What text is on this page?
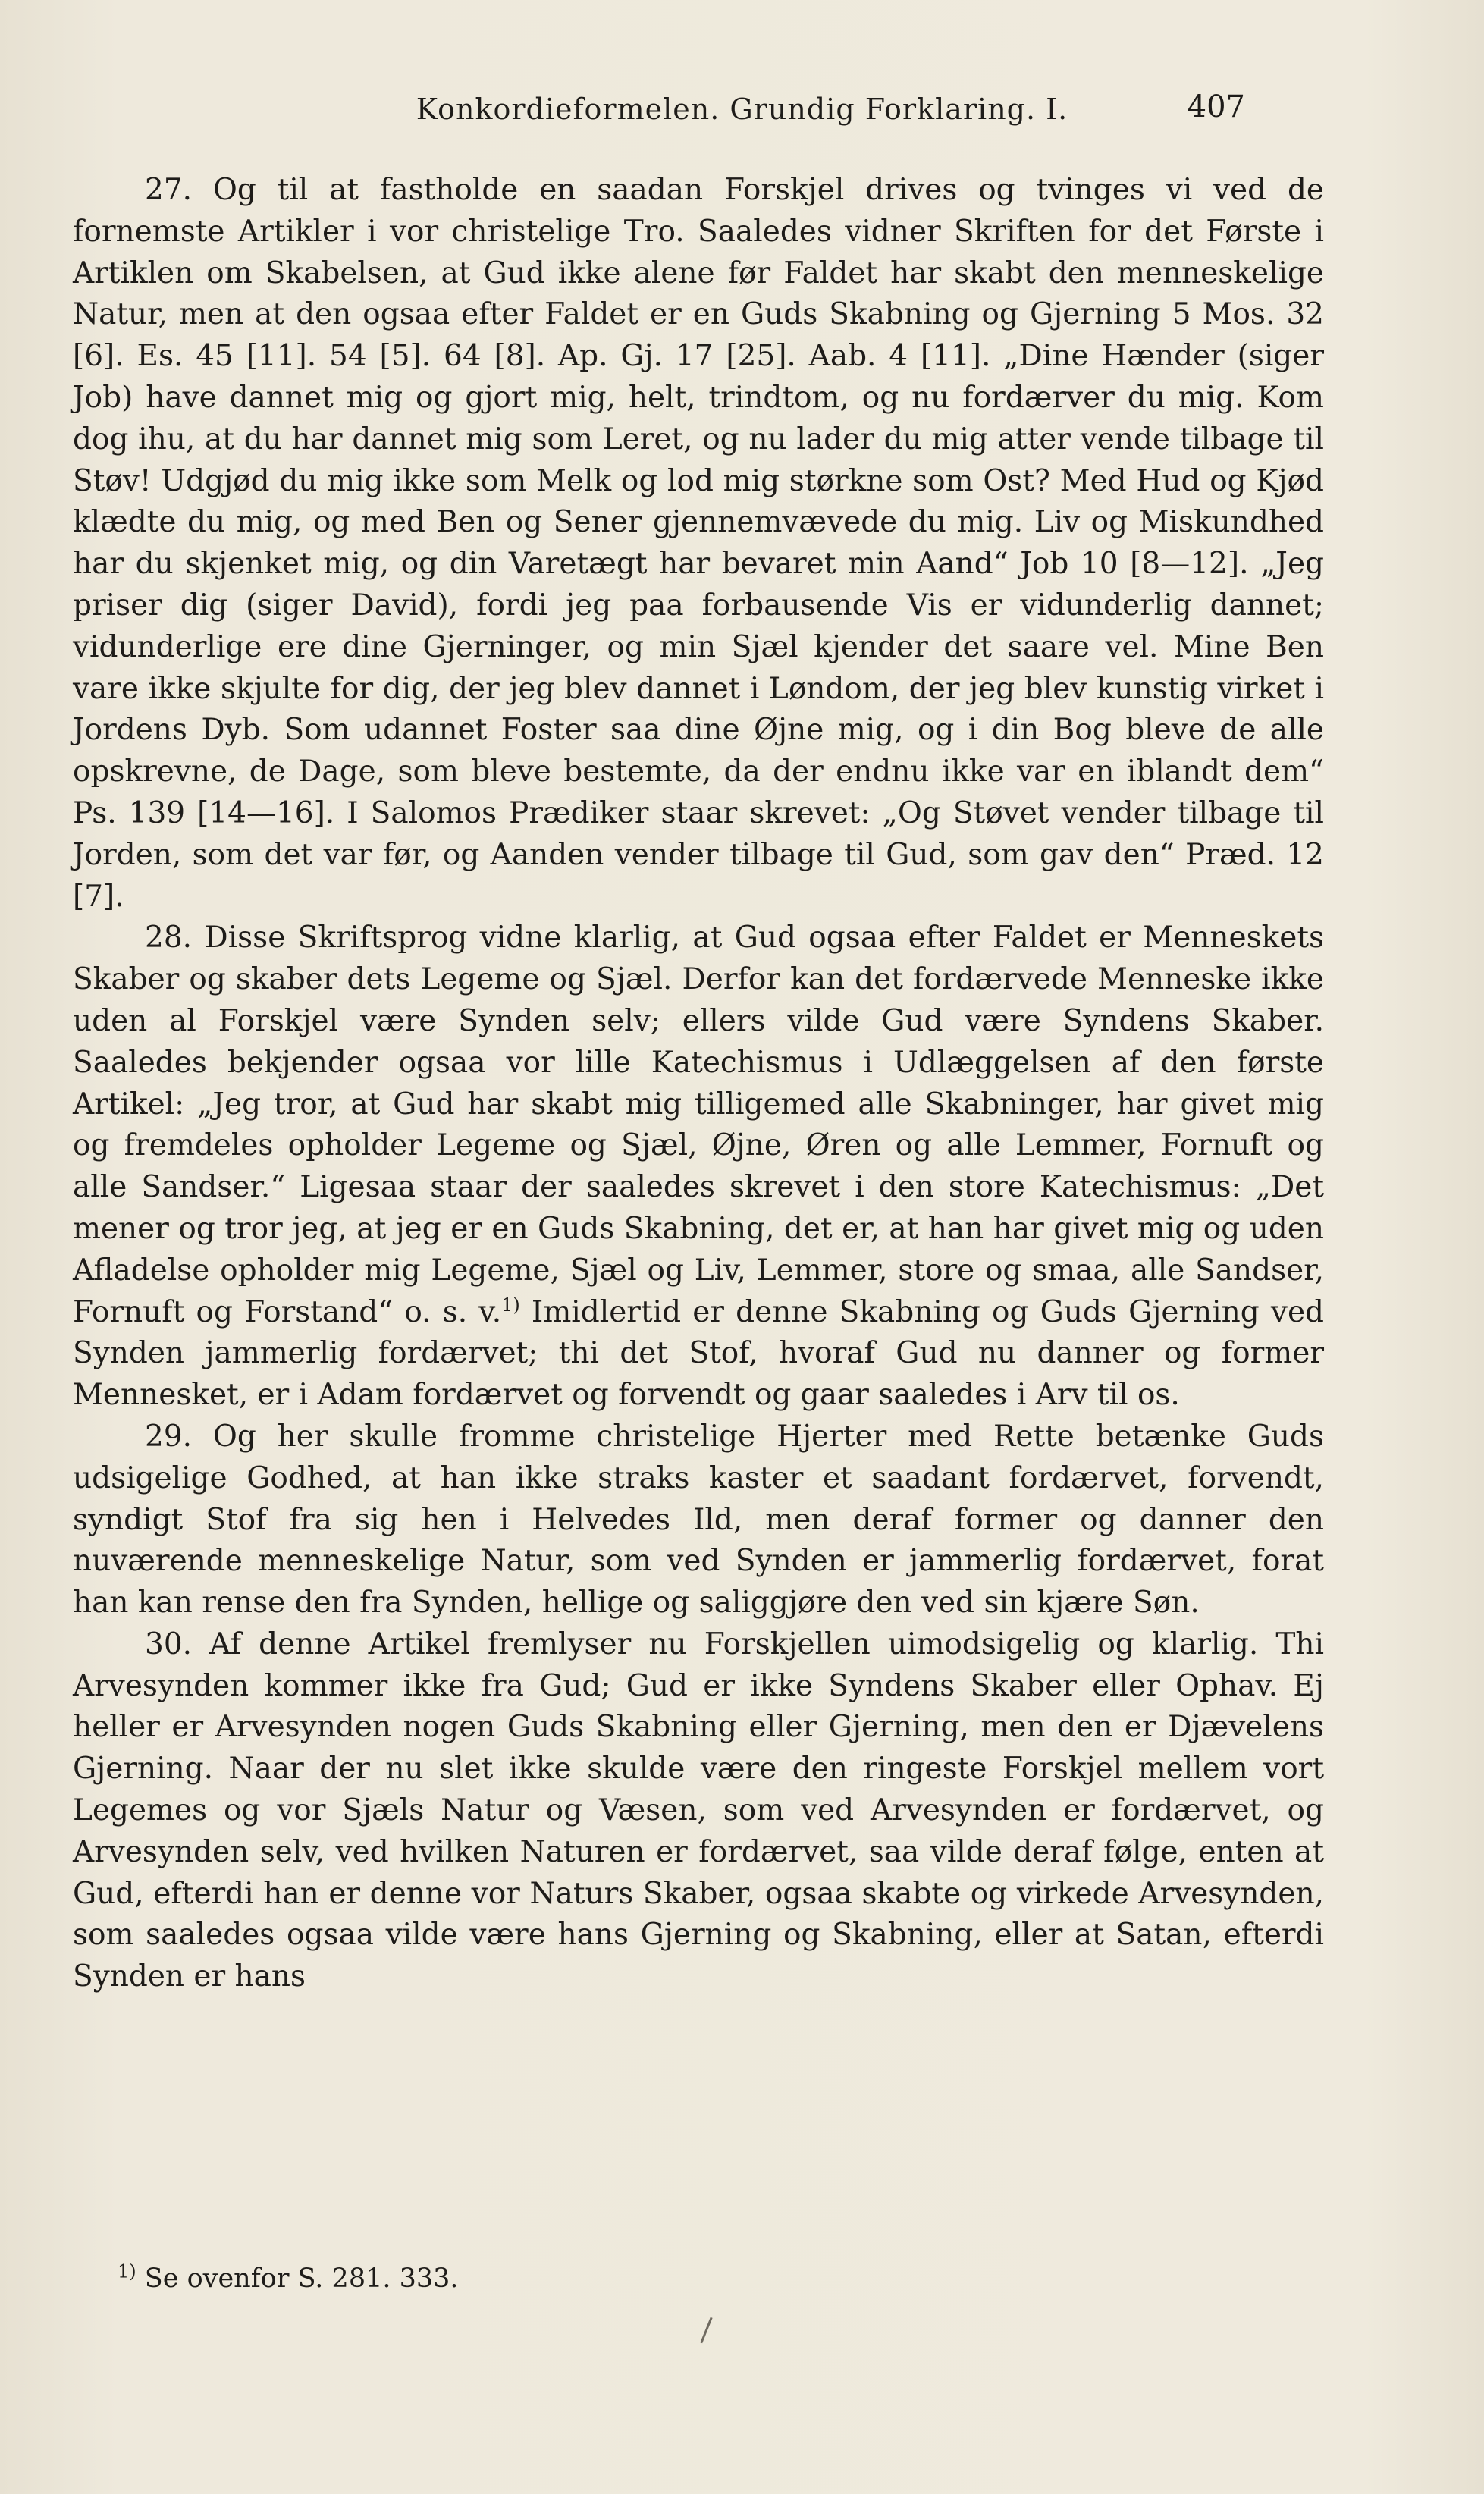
Konkordieformelen. Grundig Forklaring. I.	407

27. Og til at fastholde en saadan Forskjel drives og tvinges vi ved de fornemste Artikler i vor christelige Tro. Saaledes vidner Skriften for det Første i Artiklen om Skabelsen, at Gud ikke alene før Faldet har skabt den menneskelige Natur, men at den ogsaa efter Faldet er en Guds Skabning og Gjerning 5 Mos. 32 [6]. Es. 45 [11]. 54 [5]. 64 [8]. Ap. Gj. 17 [25]. Aab. 4 [11]. „Dine Hænder (siger Job) have dannet mig og gjort mig, helt, trindtom, og nu fordærver du mig. Kom dog ihu, at du har dannet mig som Leret, og nu lader du mig atter vende tilbage til Støv! Udgjød du mig ikke som Melk og lod mig størkne som Ost? Med Hud og Kjød klædte du mig, og med Ben og Sener gjennemvævede du mig. Liv og Miskundhed har du skjenket mig, og din Varetægt har bevaret min Aand“ Job 10 [8—12]. „Jeg priser dig (siger David), fordi jeg paa forbausende Vis er vidunderlig dannet; vidunderlige ere dine Gjerninger, og min Sjæl kjender det saare vel. Mine Ben vare ikke skjulte for dig, der jeg blev dannet i Løndom, der jeg blev kunstig virket i Jordens Dyb. Som udannet Foster saa dine Øjne mig, og i din Bog bleve de alle opskrevne, de Dage, som bleve bestemte, da der endnu ikke var en iblandt dem“ Ps. 139 [14—16]. I Salomos Prædiker staar skrevet: „Og Støvet vender tilbage til Jorden, som det var før, og Aanden vender tilbage til Gud, som gav den“ Præd. 12 [7].

28. Disse Skriftsprog vidne klarlig, at Gud ogsaa efter Faldet er Menneskets Skaber og skaber dets Legeme og Sjæl. Derfor kan det fordærvede Menneske ikke uden al Forskjel være Synden selv; ellers vilde Gud være Syndens Skaber. Saaledes bekjender ogsaa vor lille Katechismus i Udlæggelsen af den første Artikel: „Jeg tror, at Gud har skabt mig tilligemed alle Skabninger, har givet mig og fremdeles opholder Legeme og Sjæl, Øjne, Øren og alle Lemmer, Fornuft og alle Sandser.“ Ligesaa staar der saaledes skrevet i den store Katechismus: „Det mener og tror jeg, at jeg er en Guds Skabning, det er, at han har givet mig og uden Afladelse opholder mig Legeme, Sjæl og Liv, Lemmer, store og smaa, alle Sandser, Fornuft og Forstand“ o. s. v.$^{1)}$ Imidlertid er denne Skabning og Guds Gjerning ved Synden jammerlig fordærvet; thi det Stof, hvoraf Gud nu danner og former Mennesket, er i Adam fordærvet og forvendt og gaar saaledes i Arv til os.

29. Og her skulle fromme christelige Hjerter med Rette betænke Guds udsigelige Godhed, at han ikke straks kaster et saadant fordærvet, forvendt, syndigt Stof fra sig hen i Helvedes Ild, men deraf former og danner den nuværende menneskelige Natur, som ved Synden er jammerlig fordærvet, forat han kan rense den fra Synden, hellige og saliggjøre den ved sin kjære Søn.

30. Af denne Artikel fremlyser nu Forskjellen uimodsigelig og klarlig. Thi Arvesynden kommer ikke fra Gud; Gud er ikke Syndens Skaber eller Ophav. Ej heller er Arvesynden nogen Guds Skabning eller Gjerning, men den er Djævelens Gjerning. Naar der nu slet ikke skulde være den ringeste Forskjel mellem vort Legemes og vor Sjæls Natur og Væsen, som ved Arvesynden er fordærvet, og Arvesynden selv, ved hvilken Naturen er fordærvet, saa vilde deraf følge, enten at Gud, efterdi han er denne vor Naturs Skaber, ogsaa skabte og virkede Arvesynden, som saaledes ogsaa vilde være hans Gjerning og Skabning, eller at Satan, efterdi Synden er hans

$^{1)}$ Se ovenfor S. 281. 333.
